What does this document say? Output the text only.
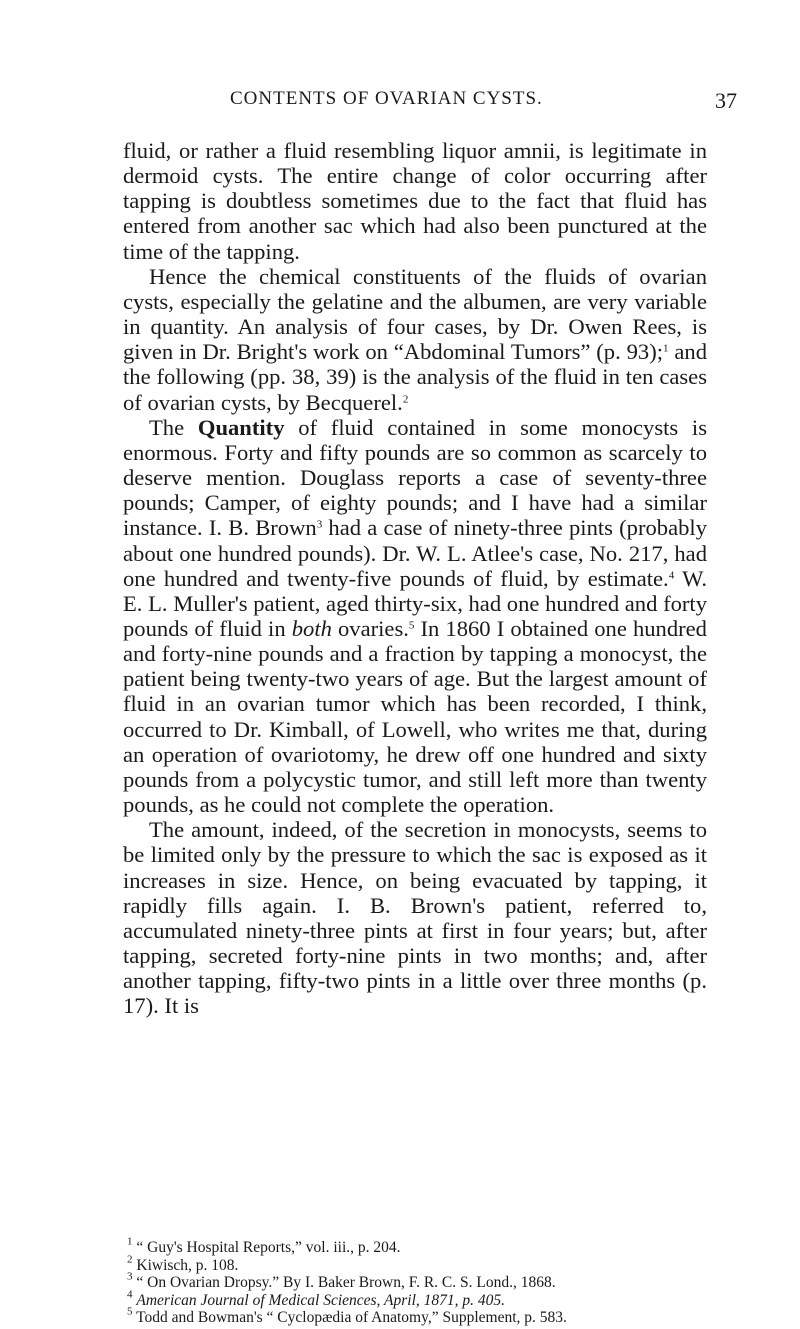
CONTENTS OF OVARIAN CYSTS.	37

fluid, or rather a fluid resembling liquor amnii, is legitimate in dermoid cysts. The entire change of color occurring after tapping is doubtless sometimes due to the fact that fluid has entered from another sac which had also been punctured at the time of the tapping.

Hence the chemical constituents of the fluids of ovarian cysts, especially the gelatine and the albumen, are very variable in quantity. An analysis of four cases, by Dr. Owen Rees, is given in Dr. Bright's work on “Abdominal Tumors” (p. 93);$^1$ and the following (pp. 38, 39) is the analysis of the fluid in ten cases of ovarian cysts, by Becquerel.$^2$

The Quantity of fluid contained in some monocysts is enormous. Forty and fifty pounds are so common as scarcely to deserve mention. Douglass reports a case of seventy-three pounds; Camper, of eighty pounds; and I have had a similar instance. I. B. Brown$^3$ had a case of ninety-three pints (probably about one hundred pounds). Dr. W. L. Atlee's case, No. 217, had one hundred and twenty-five pounds of fluid, by estimate.$^4$ W. E. L. Muller's patient, aged thirty-six, had one hundred and forty pounds of fluid in both ovaries.$^5$ In 1860 I obtained one hundred and forty-nine pounds and a fraction by tapping a monocyst, the patient being twenty-two years of age. But the largest amount of fluid in an ovarian tumor which has been recorded, I think, occurred to Dr. Kimball, of Lowell, who writes me that, during an operation of ovariotomy, he drew off one hundred and sixty pounds from a polycystic tumor, and still left more than twenty pounds, as he could not complete the operation.

The amount, indeed, of the secretion in monocysts, seems to be limited only by the pressure to which the sac is exposed as it increases in size. Hence, on being evacuated by tapping, it rapidly fills again. I. B. Brown's patient, referred to, accumulated ninety-three pints at first in four years; but, after tapping, secreted forty-nine pints in two months; and, after another tapping, fifty-two pints in a little over three months (p. 17). It is

$^1$ “ Guy's Hospital Reports,” vol. iii., p. 204.

$^2$ Kiwisch, p. 108.

$^3$ “ On Ovarian Dropsy.” By I. Baker Brown, F. R. C. S. Lond., 1868.

$^4$ American Journal of Medical Sciences, April, 1871, p. 405.

$^5$ Todd and Bowman's “ Cyclopædia of Anatomy,” Supplement, p. 583.
